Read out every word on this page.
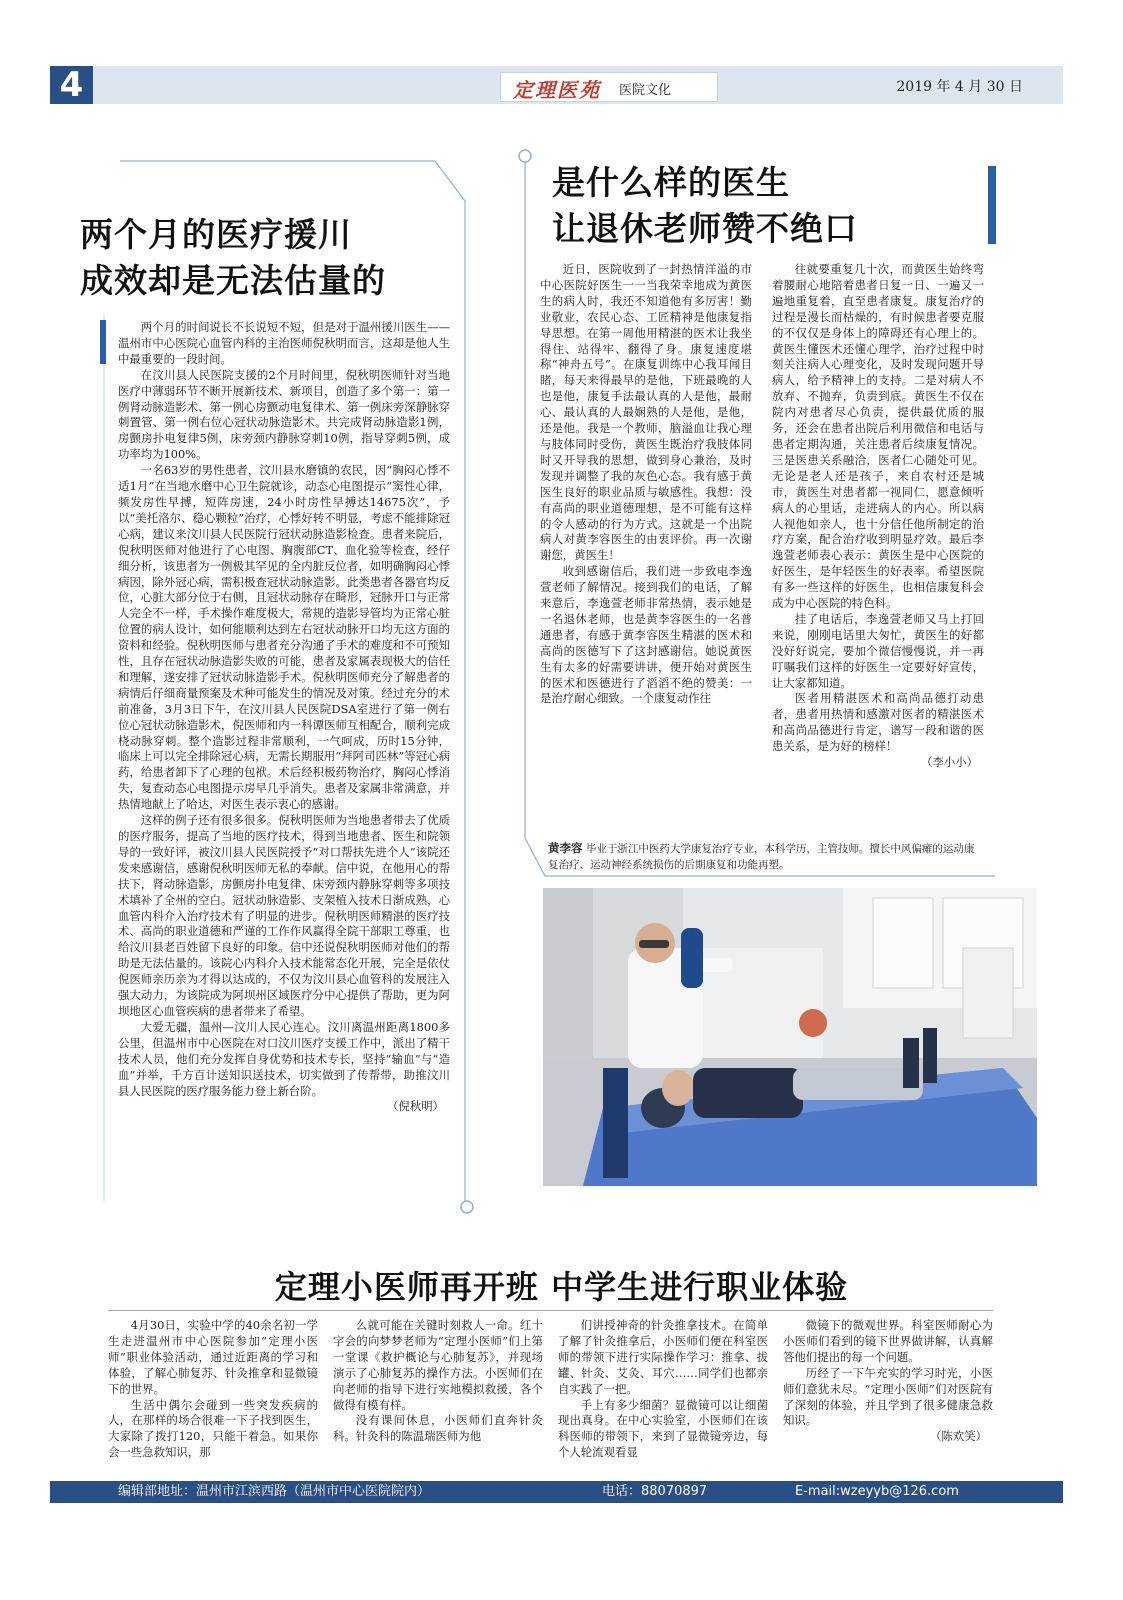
4	定理医苑 医院文化	2019 年 4 月 30 日
两个月的医疗援川
成效却是无法估量的

两个月的时间说长不长说短不短，但是对于温州援川医生——温州市中心医院心血管内科的主治医师倪秋明而言，这却是他人生中最重要的一段时间。

在汶川县人民医院支援的2个月时间里，倪秋明医师针对当地医疗中薄弱环节不断开展新技术、新项目，创造了多个第一：第一例肾动脉造影术、第一例心房颤动电复律术、第一例床旁深静脉穿刺置管、第一例右位心冠状动脉造影术。共完成肾动脉造影1例，房颤房扑电复律5例，床旁颈内静脉穿刺10例，指导穿刺5例，成功率均为100%。

一名63岁的男性患者，汶川县水磨镇的农民，因“胸闷心悸不适1月”在当地水磨中心卫生院就诊，动态心电图提示“窦性心律，频发房性早搏，短阵房速，24小时房性早搏达14675次”，予以“美托洛尔、稳心颗粒”治疗，心悸好转不明显，考虑不能排除冠心病，建议来汶川县人民医院行冠状动脉造影检查。患者来院后，倪秋明医师对他进行了心电图、胸腹部CT、血化验等检查，经仔细分析，该患者为一例极其罕见的全内脏反位者，如明确胸闷心悸病因，除外冠心病，需积极查冠状动脉造影。此类患者各器官均反位，心脏大部分位于右侧，且冠状动脉存在畸形，冠脉开口与正常人完全不一样，手术操作难度极大，常规的造影导管均为正常心脏位置的病人设计，如何能顺利达到左右冠状动脉开口均无这方面的资料和经验。倪秋明医师与患者充分沟通了手术的难度和不可预知性，且存在冠状动脉造影失败的可能，患者及家属表现极大的信任和理解，遂安排了冠状动脉造影手术。倪秋明医师充分了解患者的病情后仔细商量预案及术种可能发生的情况及对策。经过充分的术前准备，3月3日下午，在汶川县人民医院DSA室进行了第一例右位心冠状动脉造影术，倪医师和内一科谭医师互相配合，顺利完成桡动脉穿刺。整个造影过程非常顺利，一气呵成，历时15分钟，临床上可以完全排除冠心病，无需长期服用“拜阿司匹林”等冠心病药，给患者卸下了心理的包袱。术后经积极药物治疗，胸闷心悸消失，复查动态心电图提示房早几乎消失。患者及家属非常满意，并热情地献上了哈达，对医生表示衷心的感谢。

这样的例子还有很多很多。倪秋明医师为当地患者带去了优质的医疗服务，提高了当地的医疗技术，得到当地患者、医生和院领导的一致好评，被汶川县人民医院授予“对口帮扶先进个人”该院还发来感谢信，感谢倪秋明医师无私的奉献。信中说，在他用心的帮扶下，肾动脉造影，房颤房扑电复律、床旁颈内静脉穿刺等多项技术填补了全州的空白。冠状动脉造影、支架植入技术日渐成熟，心血管内科介入治疗技术有了明显的进步。倪秋明医师精湛的医疗技术、高尚的职业道德和严谨的工作作风赢得全院干部职工尊重，也给汶川县老百姓留下良好的印象。信中还说倪秋明医师对他们的帮助是无法估量的。该院心内科介入技术能常态化开展，完全是依仗倪医师亲历亲为才得以达成的，不仅为汶川县心血管科的发展注入强大动力，为该院成为阿坝州区域医疗分中心提供了帮助，更为阿坝地区心血管疾病的患者带来了希望。

大爱无疆，温州—汶川人民心连心。汶川离温州距离1800多公里，但温州市中心医院在对口汶川医疗支援工作中，派出了精干技术人员，他们充分发挥自身优势和技术专长，坚持“输血”与“造血”并举，千方百计送知识送技术，切实做到了传帮带，助推汶川县人民医院的医疗服务能力登上新台阶。

（倪秋明）
是什么样的医生
让退休老师赞不绝口

近日，医院收到了一封热情洋溢的市中心医院好医生一一当我荣幸地成为黄医生的病人时，我还不知道他有多厉害！勤业敬业，农民心态、工匠精神是他康复指导思想。在第一周他用精湛的医术让我坐得住、站得牢、翻得了身。康复速度堪称“神舟五号”。在康复训练中心我耳闻目睹，每天来得最早的是他，下班最晚的人也是他，康复手法最认真的人是他，最耐心、最认真的人最娴熟的人是他，是他，还是他。我是一个教师，脑溢血让我心理与肢体同时受伤，黄医生既治疗我肢体同时又开导我的思想，做到身心兼治，及时发现并调整了我的灰色心态。我有感于黄医生良好的职业品质与敏感性。我想：没有高尚的职业道德理想，是不可能有这样的令人感动的行为方式。这就是一个出院病人对黄李容医生的由衷评价。再一次谢谢您，黄医生！

收到感谢信后，我们进一步致电李逸萱老师了解情况。接到我们的电话，了解来意后，李逸萱老师非常热情，表示她是一名退休老师，也是黄李容医生的一名普通患者，有感于黄李容医生精湛的医术和高尚的医德写下了这封感谢信。她说黄医生有太多的好需要讲讲，便开始对黄医生的医术和医德进行了滔滔不绝的赞美：一是治疗耐心细致。一个康复动作往

往就要重复几十次，而黄医生始终弯着腰耐心地陪着患者日复一日、一遍又一遍地重复着，直至患者康复。康复治疗的过程是漫长而枯燥的，有时候患者要克服的不仅仅是身体上的障碍还有心理上的。黄医生懂医术还懂心理学，治疗过程中时刻关注病人心理变化，及时发现问题开导病人，给予精神上的支持。二是对病人不放弃、不抛弃，负责到底。黄医生不仅在院内对患者尽心负责，提供最优质的服务，还会在患者出院后利用微信和电话与患者定期沟通，关注患者后续康复情况。三是医患关系融洽，医者仁心随处可见。无论是老人还是孩子，来自农村还是城市，黄医生对患者都一视同仁，愿意倾听病人的心里话，走进病人的内心。所以病人视他如亲人，也十分信任他所制定的治疗方案，配合治疗收到明显疗效。最后李逸萱老师表心表示：黄医生是中心医院的好医生，是年轻医生的好表率。希望医院有多一些这样的好医生，也相信康复科会成为中心医院的特色科。

挂了电话后，李逸萱老师又马上打回来说，刚刚电话里大匆忙，黄医生的好都没好好说完，要加个微信慢慢说，并一再叮嘱我们这样的好医生一定要好好宣传，让大家都知道。

医者用精湛医术和高尚品德打动患者，患者用热情和感激对医者的精湛医术和高尚品德进行肯定，谱写一段和谐的医患关系，是为好的榜样！

（李小小）
黄李容 毕业于浙江中医药大学康复治疗专业，本科学历，主管技师。擅长中风偏瘫的运动康复治疗、运动神经系统损伤的后期康复和功能再塑。
定理小医师再开班 中学生进行职业体验

4月30日，实验中学的40余名初一学生走进温州市中心医院参加“定理小医师”职业体验活动，通过近距离的学习和体验，了解心肺复苏、针灸推拿和显微镜下的世界。

生活中偶尔会碰到一些突发疾病的人，在那样的场合很难一下子找到医生，大家除了拨打120，只能干着急。如果你会一些急救知识，那

么就可能在关键时刻救人一命。红十字会的向梦梦老师为“定理小医师”们上第一堂课《救护概论与心肺复苏》，并现场演示了心肺复苏的操作方法。小医师们在向老师的指导下进行实地模拟救援，各个做得有模有样。

没有课间休息，小医师们直奔针灸科。针灸科的陈温瑞医师为他

们讲授神奇的针灸推拿技术。在简单了解了针灸推拿后，小医师们便在科室医师的带领下进行实际操作学习：推拿、拔罐、针灸、艾灸、耳穴……同学们也都亲自实践了一把。

手上有多少细菌？显微镜可以让细菌现出真身。在中心实验室，小医师们在该科医师的带领下，来到了显微镜旁边，每个人轮流观看显

微镜下的微观世界。科室医师耐心为小医师们看到的镜下世界做讲解，认真解答他们提出的每一个问题。

历经了一下午充实的学习时光，小医师们意犹未尽。“定理小医师”们对医院有了深刻的体验，并且学到了很多健康急救知识。

（陈欢笑）
编辑部地址：温州市江滨西路（温州市中心医院院内）	电话：88070897	E-mail:wzeyyb@126.com
